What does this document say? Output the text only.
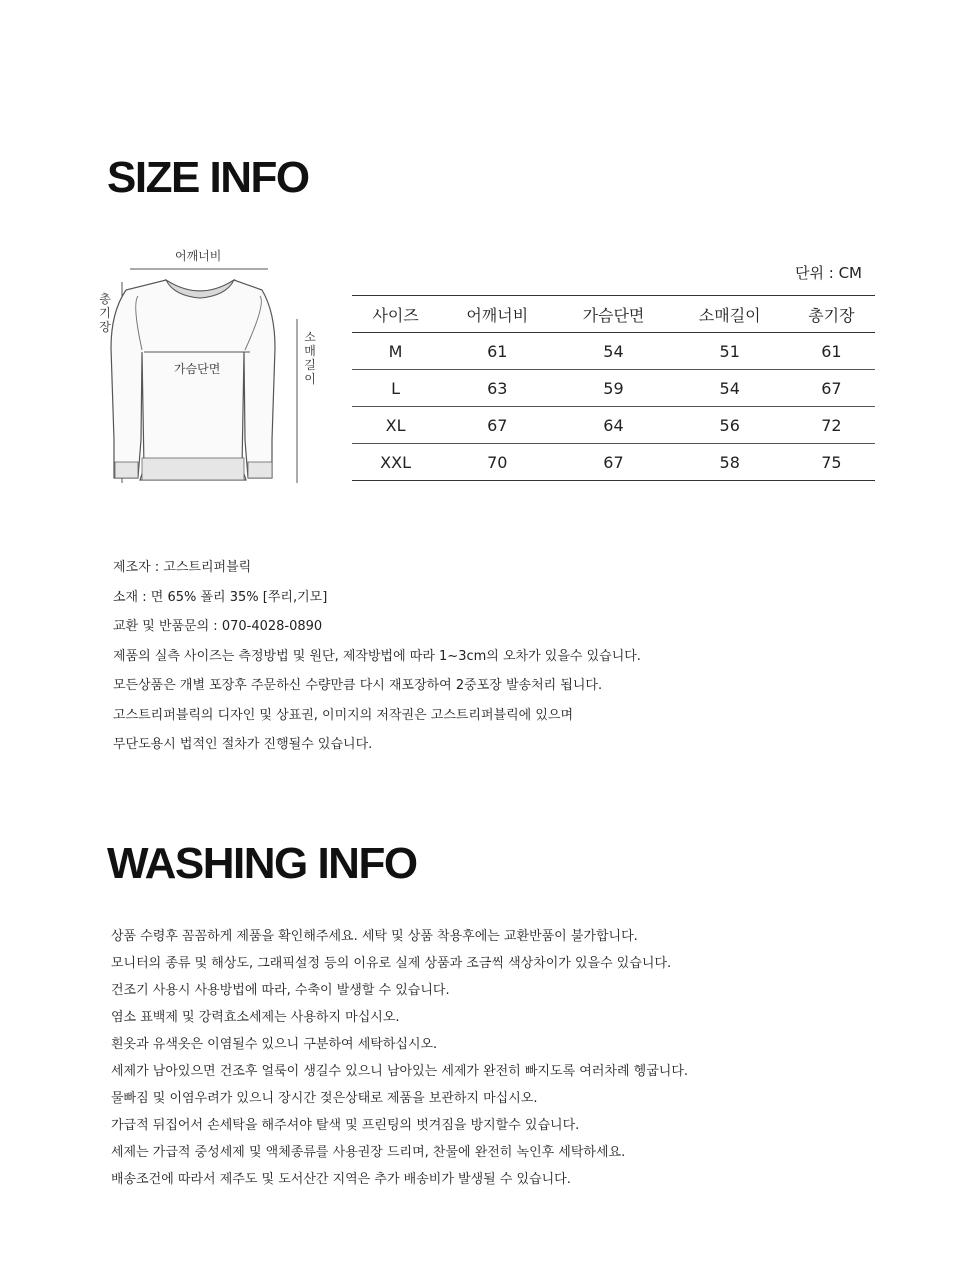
SIZE INFO
어깨너비
가슴단면
총기장
소매길이
단위 : CM
사이즈	어깨너비	가슴단면	소매길이	총기장
M	61	54	51	61
L	63	59	54	67
XL	67	64	56	72
XXL	70	67	58	75
제조자 : 고스트리퍼블릭
소재 : 면 65% 폴리 35% [쭈리,기모]
교환 및 반품문의 : 070-4028-0890
제품의 실측 사이즈는 측정방법 및 원단, 제작방법에 따라 1~3cm의 오차가 있을수 있습니다.
모든상품은 개별 포장후 주문하신 수량만큼 다시 재포장하여 2중포장 발송처리 됩니다.
고스트리퍼블릭의 디자인 및 상표권, 이미지의 저작권은 고스트리퍼블릭에 있으며
무단도용시 법적인 절차가 진행될수 있습니다.
WASHING INFO
상품 수령후 꼼꼼하게 제품을 확인해주세요. 세탁 및 상품 착용후에는 교환반품이 불가합니다.
모니터의 종류 및 해상도, 그래픽설정 등의 이유로 실제 상품과 조금씩 색상차이가 있을수 있습니다.
건조기 사용시 사용방법에 따라, 수축이 발생할 수 있습니다.
염소 표백제 및 강력효소세제는 사용하지 마십시오.
흰옷과 유색옷은 이염될수 있으니 구분하여 세탁하십시오.
세제가 남아있으면 건조후 얼룩이 생길수 있으니 남아있는 세제가 완전히 빠지도록 여러차례 헹굽니다.
물빠짐 및 이염우려가 있으니 장시간 젖은상태로 제품을 보관하지 마십시오.
가급적 뒤집어서 손세탁을 해주셔야 탈색 및 프린팅의 벗겨짐을 방지할수 있습니다.
세제는 가급적 중성세제 및 액체종류를 사용권장 드리며, 찬물에 완전히 녹인후 세탁하세요.
배송조건에 따라서 제주도 및 도서산간 지역은 추가 배송비가 발생될 수 있습니다.
